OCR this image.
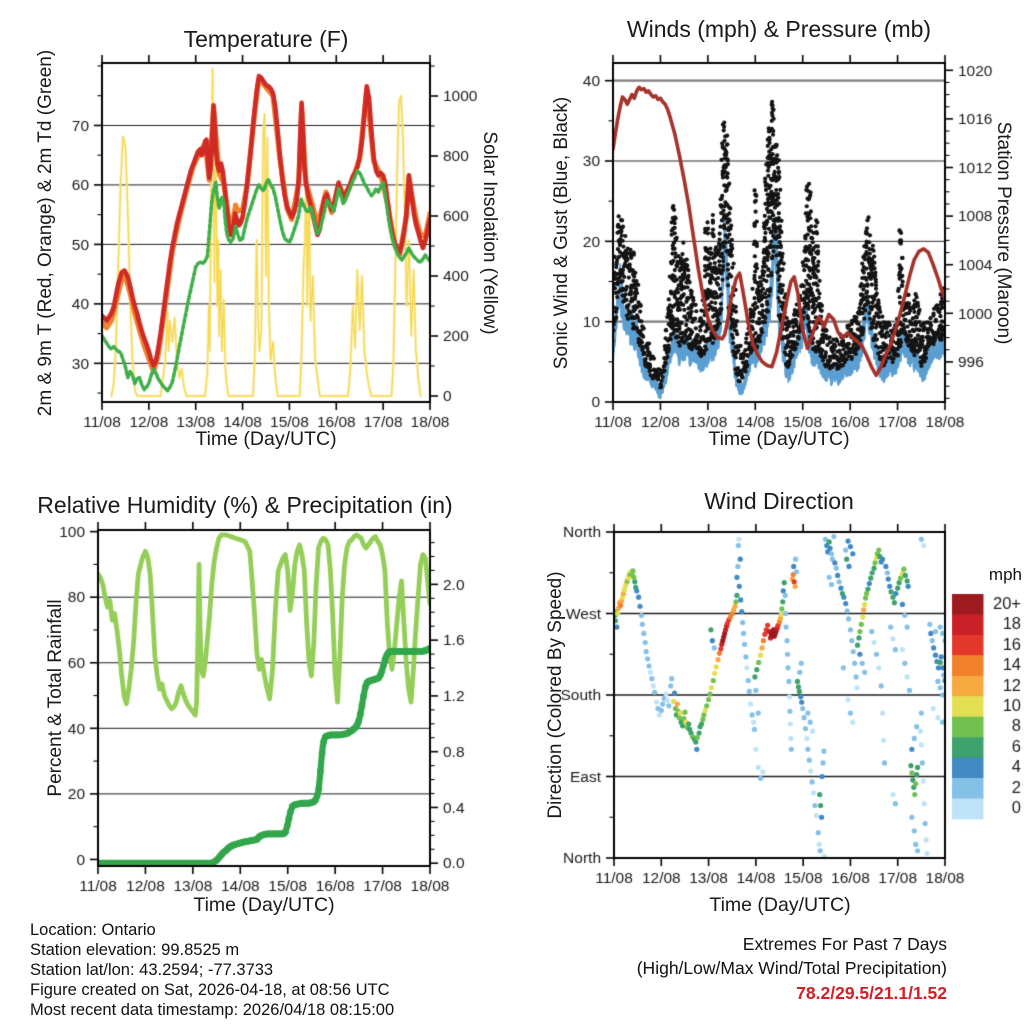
Temperature (F)	Winds (mph) & Pressure (mb)
Relative Humidity (%) & Precipitation (in)	Wind Direction
Time (Day/UTC)	Time (Day/UTC)
Time (Day/UTC)	Time (Day/UTC)
2m & 9m T (Red, Orange) & 2m Td (Green)	Solar Insolation (Yellow)	Sonic Wind & Gust (Blue, Black)	Station Pressure (Maroon)
Percent & Total Rainfall	Direction (Colored By Speed)	mph
Location: Ontario
Station elevation: 99.8525 m
Station lat/lon: 43.2594; -77.3733
Figure created on Sat, 2026-04-18, at 08:56 UTC
Most recent data timestamp: 2026/04/18 08:15:00
Extremes For Past 7 Days
(High/Low/Max Wind/Total Precipitation)
78.2/29.5/21.1/1.52
